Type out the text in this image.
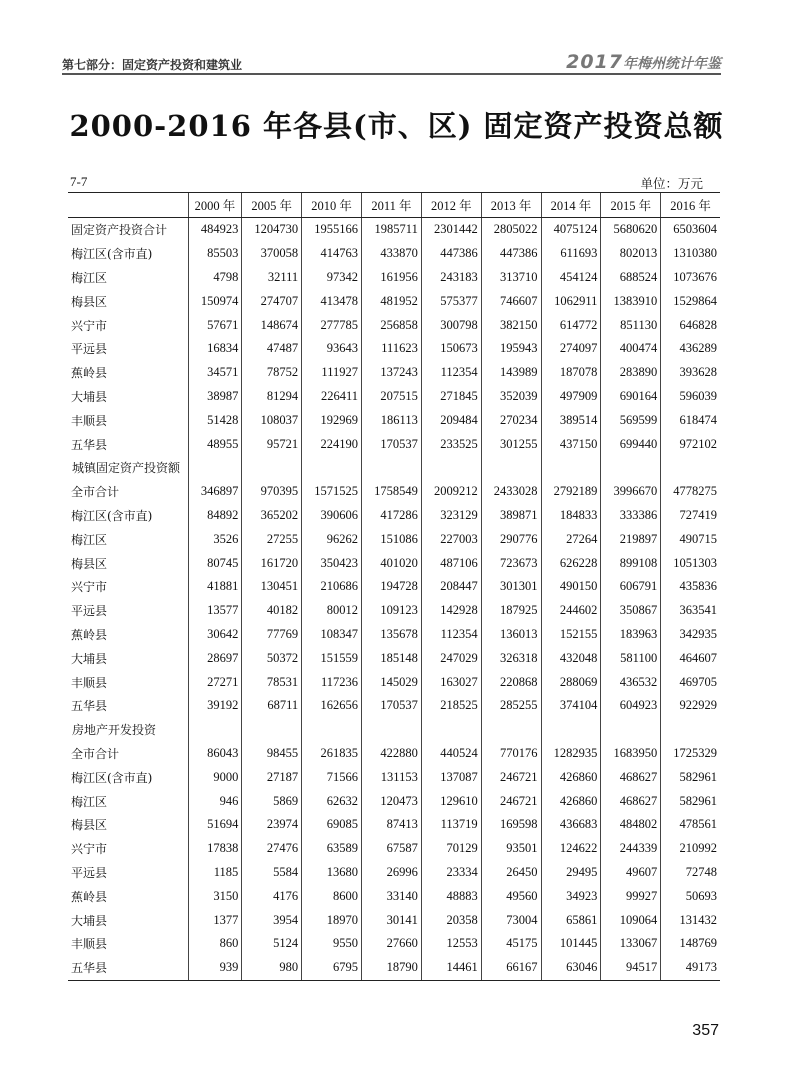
第七部分：固定资产投资和建筑业	2017年梅州统计年鉴
2000-2016 年各县(市、区) 固定资产投资总额
7-7	单位：万元
	2000 年	2005 年	2010 年	2011 年	2012 年	2013 年	2014 年	2015 年	2016 年
固定资产投资合计	484923	1204730	1955166	1985711	2301442	2805022	4075124	5680620	6503604
梅江区(含市直)	85503	370058	414763	433870	447386	447386	611693	802013	1310380
梅江区	4798	32111	97342	161956	243183	313710	454124	688524	1073676
梅县区	150974	274707	413478	481952	575377	746607	1062911	1383910	1529864
兴宁市	57671	148674	277785	256858	300798	382150	614772	851130	646828
平远县	16834	47487	93643	111623	150673	195943	274097	400474	436289
蕉岭县	34571	78752	111927	137243	112354	143989	187078	283890	393628
大埔县	38987	81294	226411	207515	271845	352039	497909	690164	596039
丰顺县	51428	108037	192969	186113	209484	270234	389514	569599	618474
五华县	48955	95721	224190	170537	233525	301255	437150	699440	972102
城镇固定资产投资额									
全市合计	346897	970395	1571525	1758549	2009212	2433028	2792189	3996670	4778275
梅江区(含市直)	84892	365202	390606	417286	323129	389871	184833	333386	727419
梅江区	3526	27255	96262	151086	227003	290776	27264	219897	490715
梅县区	80745	161720	350423	401020	487106	723673	626228	899108	1051303
兴宁市	41881	130451	210686	194728	208447	301301	490150	606791	435836
平远县	13577	40182	80012	109123	142928	187925	244602	350867	363541
蕉岭县	30642	77769	108347	135678	112354	136013	152155	183963	342935
大埔县	28697	50372	151559	185148	247029	326318	432048	581100	464607
丰顺县	27271	78531	117236	145029	163027	220868	288069	436532	469705
五华县	39192	68711	162656	170537	218525	285255	374104	604923	922929
房地产开发投资									
全市合计	86043	98455	261835	422880	440524	770176	1282935	1683950	1725329
梅江区(含市直)	9000	27187	71566	131153	137087	246721	426860	468627	582961
梅江区	946	5869	62632	120473	129610	246721	426860	468627	582961
梅县区	51694	23974	69085	87413	113719	169598	436683	484802	478561
兴宁市	17838	27476	63589	67587	70129	93501	124622	244339	210992
平远县	1185	5584	13680	26996	23334	26450	29495	49607	72748
蕉岭县	3150	4176	8600	33140	48883	49560	34923	99927	50693
大埔县	1377	3954	18970	30141	20358	73004	65861	109064	131432
丰顺县	860	5124	9550	27660	12553	45175	101445	133067	148769
五华县	939	980	6795	18790	14461	66167	63046	94517	49173
357
